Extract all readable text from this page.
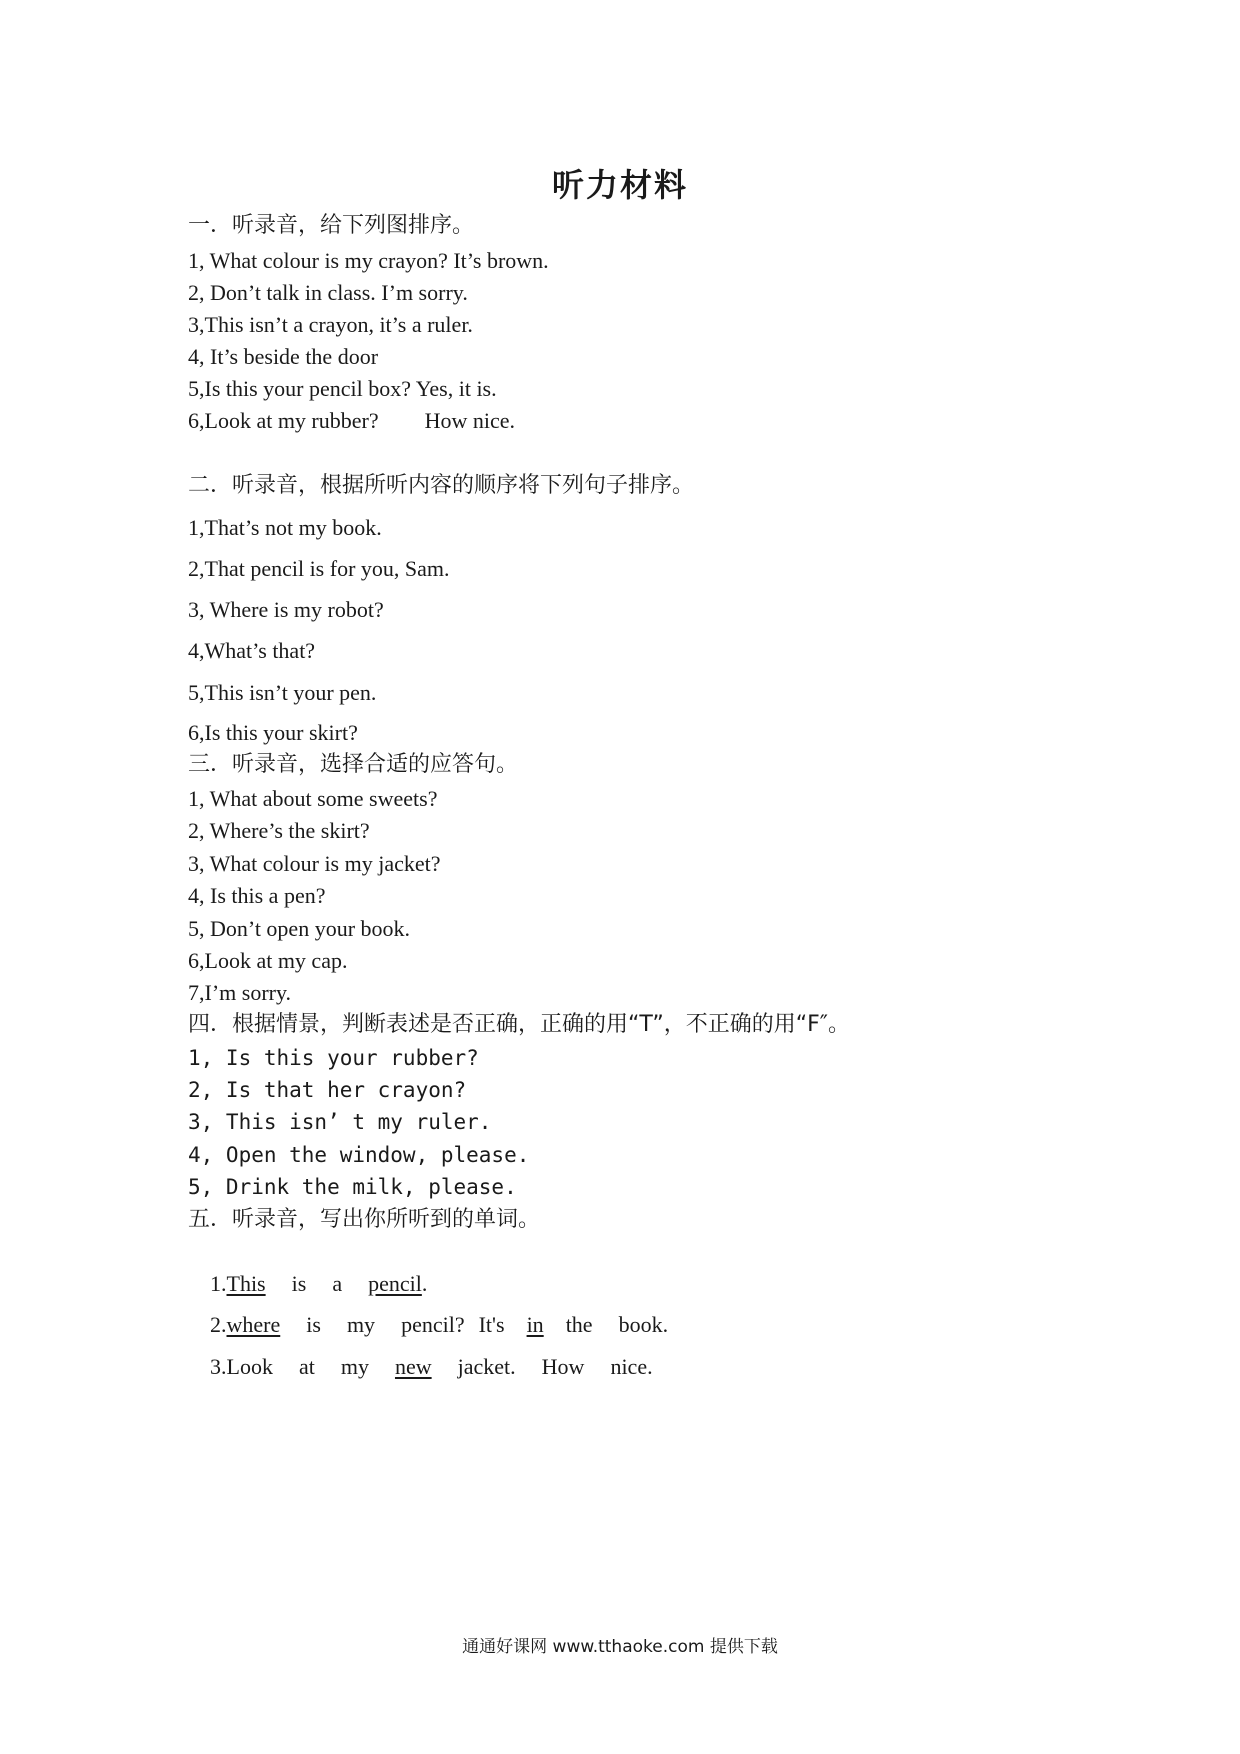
听力材料
一．听录音，给下列图排序。
1, What colour is my crayon? It’s brown.
2, Don’t talk in class. I’m sorry.
3,This isn’t a crayon, it’s a ruler.
4, It’s beside the door
5,Is this your pencil box? Yes, it is.
6,Look at my rubber? How nice.
二．听录音，根据所听内容的顺序将下列句子排序。
1,That’s not my book.
2,That pencil is for you, Sam.
3, Where is my robot?
4,What’s that?
5,This isn’t your pen.
6,Is this your skirt?
三．听录音，选择合适的应答句。
1, What about some sweets?
2, Where’s the skirt?
3, What colour is my jacket?
4, Is this a pen?
5, Don’t open your book.
6,Look at my cap.
7,I’m sorry.
四．根据情景，判断表述是否正确，正确的用“T”，不正确的用“F″。
1, Is this your rubber?
2, Is that her crayon?
3, This isn’ t my ruler.
4, Open the window, please.
5, Drink the milk, please.
五．听录音，写出你所听到的单词。

1.This is a pencil.

2.where is my pencil? It's in the book.

3.Look at my new jacket. How nice.

通通好课网 www.tthaoke.com 提供下载
